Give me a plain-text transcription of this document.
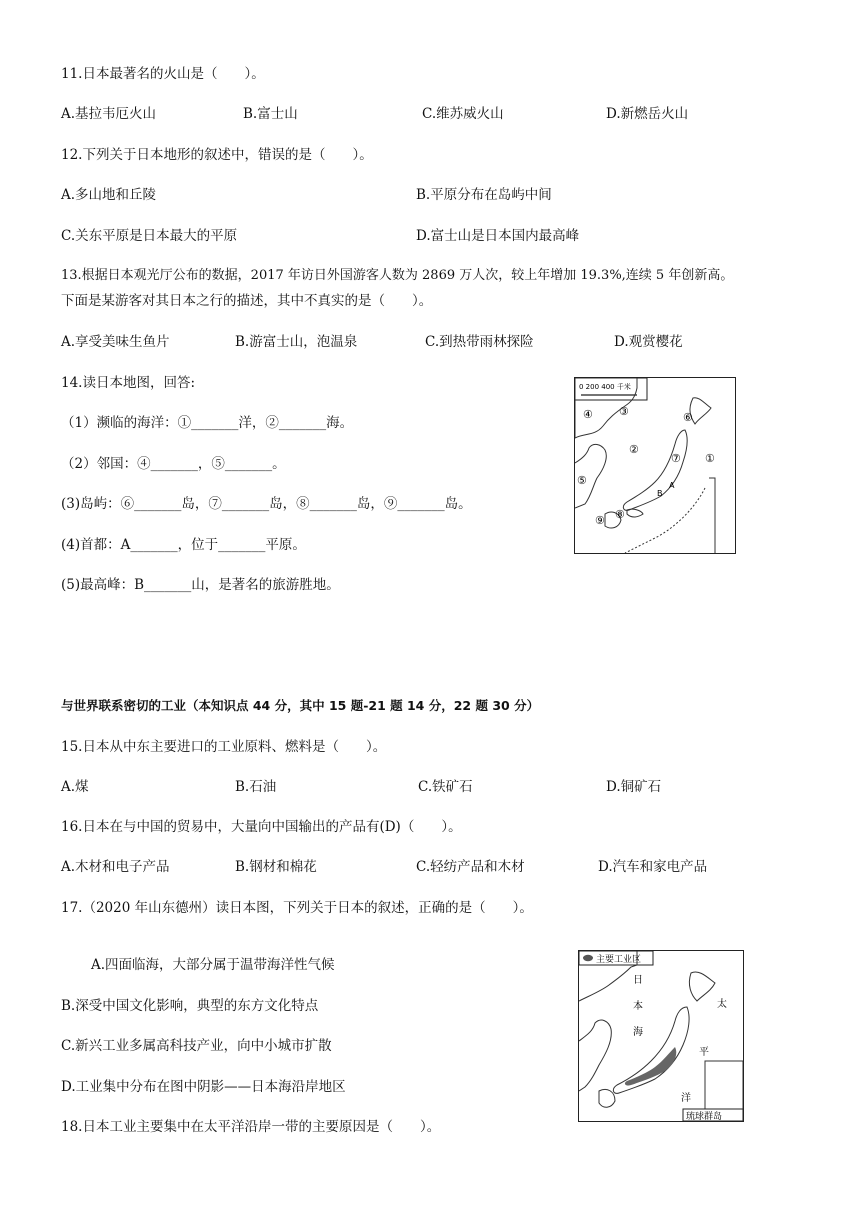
11.日本最著名的火山是（　　）。
A.基拉韦厄火山	B.富士山	C.维苏威火山	D.新燃岳火山
12.下列关于日本地形的叙述中，错误的是（　　）。
A.多山地和丘陵	B.平原分布在岛屿中间
C.关东平原是日本最大的平原	D.富士山是日本国内最高峰
13.根据日本观光厅公布的数据，2017 年访日外国游客人数为 2869 万人次，较上年增加 19.3%,连续 5 年创新高。
下面是某游客对其日本之行的描述，其中不真实的是（　　）。
A.享受美味生鱼片	B.游富士山，泡温泉	C.到热带雨林探险	D.观赏樱花
14.读日本地图，回答:
（1）濒临的海洋：①_______洋，②_______海。
（2）邻国：④_______，⑤_______。
(3)岛屿：⑥_______岛，⑦_______岛，⑧_______岛，⑨_______岛。
(4)首都：A_______，位于_______平原。
(5)最高峰：B_______山，是著名的旅游胜地。
0 200 400 千米
④ ③
②
⑥
⑦ ①
⑤
⑧
⑨
A
B
与世界联系密切的工业（本知识点 44 分，其中 15 题-21 题 14 分，22 题 30 分）
15.日本从中东主要进口的工业原料、燃料是（　　）。
A.煤	B.石油	C.铁矿石	D.铜矿石
16.日本在与中国的贸易中，大量向中国输出的产品有(D)（　　）。
A.木材和电子产品	B.钢材和棉花	C.轻纺产品和木材	D.汽车和家电产品
17.（2020 年山东德州）读日本图，下列关于日本的叙述，正确的是（　　）。
A.四面临海，大部分属于温带海洋性气候
B.深受中国文化影响，典型的东方文化特点
C.新兴工业多属高科技产业，向中小城市扩散
D.工业集中分布在图中阴影——日本海沿岸地区
主要工业区
日
本
海
太
平
洋
琉球群岛
18.日本工业主要集中在太平洋沿岸一带的主要原因是（　　）。
